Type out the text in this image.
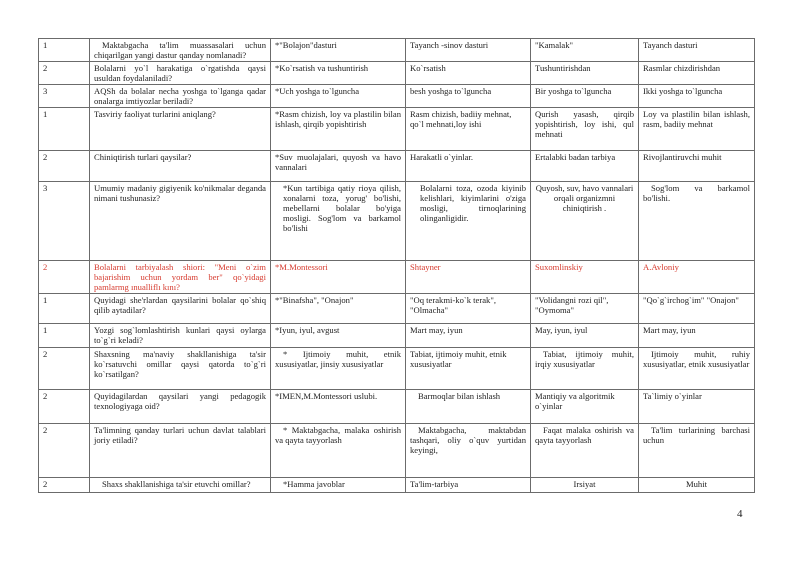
1	Maktabgacha ta'lim muassasalari uchun chiqarilgan yangi dastur qanday nomlanadi?	*"Bolajon"dasturi	Tayanch -sinov dasturi	"Kamalak"	Tayanch dasturi
2	Bolalarni yo`l harakatiga o`rgatishda qaysi usuldan foydalaniladi?	*Ko`rsatish va tushuntirish	Ko`rsatish	Tushuntirishdan	Rasmlar chizdirishdan
3	AQSh da bolalar necha yoshga to`lganga qadar onalarga imtiyozlar beriladi?	*Uch yoshga to`lguncha	besh yoshga to`lguncha	Bir yoshga to`lguncha	Ikki yoshga to`lguncha
1	Tasviriy faoliyat turlarini aniqlang?	*Rasm chizish, loy va plastilin bilan ishlash, qirqib yopishtirish	Rasm chizish, badiiy mehnat, qo`l mehnati,loy ishi	Qurish yasash, qirqib yopishtirish, loy ishi, qul mehnati	Loy va plastilin bilan ishlash, rasm, badiiy mehnat
2	Chiniqtirish turlari qaysilar?	*Suv muolajalari, quyosh va havo vannalari	Harakatli o`yinlar.	Ertalabki badan tarbiya	Rivojlantiruvchi muhit
3	Umumiy madaniy gigiyenik ko'nikmalar deganda nimani tushunasiz?	*Kun tartibiga qatiy rioya qilish, xonalarni toza, yorug' bo'lishi, mebellarni bolalar bo'yiga mosligi. Sog'lom va barkamol bo'lishi	Bolalarni toza, ozoda kiyinib kelishlari, kiyimlarini o'ziga mosligi, tirnoqlarining olinganligidir.	Quyosh, suv, havo vannalari orqali organizmni chiniqtirish .	Sog'lom va barkamol bo'lishi.
2	Bolalarni tarbiyalash shiori: "Meni o`zim bajarishim uchun yordam ber" qo`yidagi pamlarmg ınualliflı kını?	*M.Montessori	Shtayner	Suxomlinskiy	A.Avloniy
1	Quyidagi she'rlardan qaysilarini bolalar qo`shiq qilib aytadilar?	*"Binafsha", "Onajon"	"Oq terakmi-ko`k terak", "Olmacha"	"Volidangni rozi qil", "Oymoma"	"Qo`g`irchog`im" "Onajon"
1	Yozgi sog`lomlashtirish kunlari qaysi oylarga to`g`ri keladi?	*Iyun, iyul, avgust	Mart may, iyun	May, iyun, iyul	Mart may, iyun
2	Shaxsning ma'naviy shakllanishiga ta'sir ko`rsatuvchi omillar qaysi qatorda to`g`ri ko`rsatilgan?	* Ijtimoiy muhit, etnik xususiyatlar, jinsiy xususiyatlar	Tabiat, ijtimoiy muhit, etnik xususiyatlar	Tabiat, ijtimoiy muhit, irqiy xususiyatlar	Ijtimoiy muhit, ruhiy xususiyatlar, etnik xususiyatlar
2	Quyidagilardan qaysilari yangi pedagogik texnologiyaga oid?	*IMEN,M.Montessori uslubi.	Barmoqlar bilan ishlash	Mantiqiy va algoritmik o`yinlar	Ta`limiy o`yinlar
2	Ta'limning qanday turlari uchun davlat talablari joriy etiladi?	* Maktabgacha, malaka oshirish va qayta tayyorlash	Maktabgacha, maktabdan tashqari, oliy o`quv yurtidan keyingi,	Faqat malaka oshirish va qayta tayyorlash	Ta'lim turlarining barchasi uchun
2	Shaxs shakllanishiga ta'sir etuvchi omillar?	*Hamma javoblar	Ta'lim-tarbiya	Irsiyat	Muhit
4
